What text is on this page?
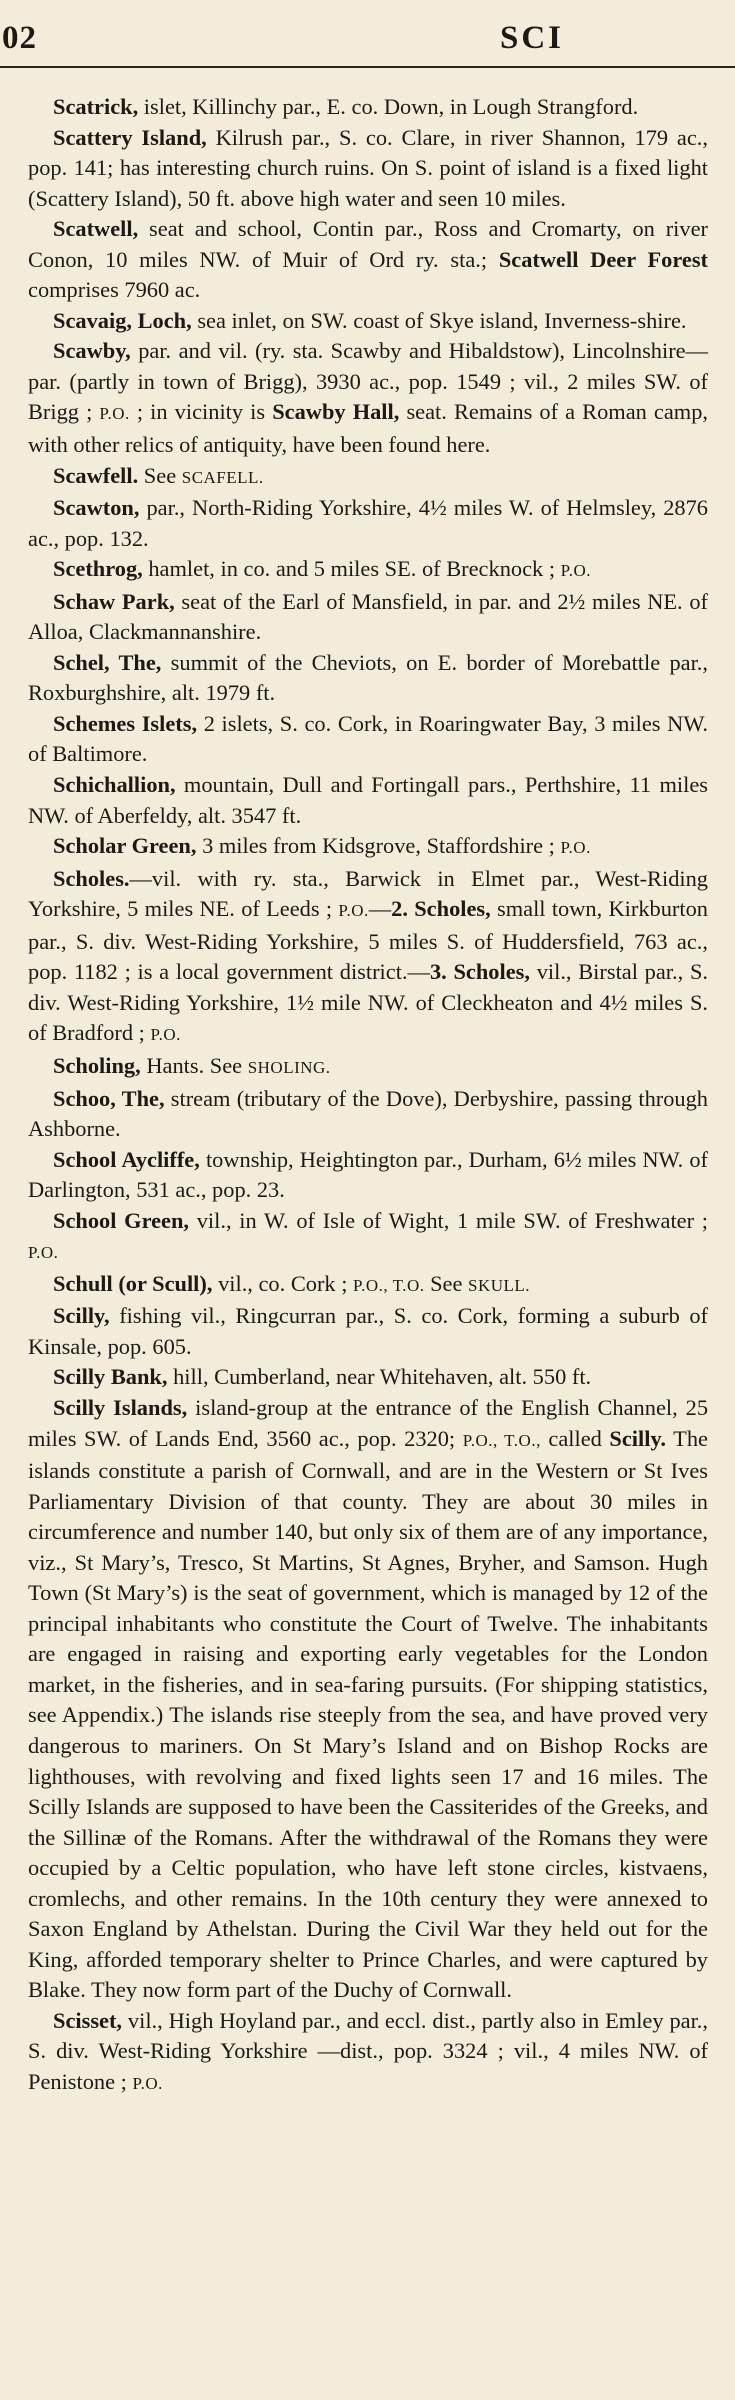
02	SCI

Scatrick, islet, Killinchy par., E. co. Down, in Lough Strangford.

Scattery Island, Kilrush par., S. co. Clare, in river Shannon, 179 ac., pop. 141; has interesting church ruins. On S. point of island is a fixed light (Scattery Island), 50 ft. above high water and seen 10 miles.

Scatwell, seat and school, Contin par., Ross and Cromarty, on river Conon, 10 miles NW. of Muir of Ord ry. sta.; Scatwell Deer Forest comprises 7960 ac.

Scavaig, Loch, sea inlet, on SW. coast of Skye island, Inverness-shire.

Scawby, par. and vil. (ry. sta. Scawby and Hibaldstow), Lincolnshire—par. (partly in town of Brigg), 3930 ac., pop. 1549 ; vil., 2 miles SW. of Brigg ; P.O. ; in vicinity is Scawby Hall, seat. Remains of a Roman camp, with other relics of antiquity, have been found here.

Scawfell. See SCAFELL.

Scawton, par., North-Riding Yorkshire, 4½ miles W. of Helmsley, 2876 ac., pop. 132.

Scethrog, hamlet, in co. and 5 miles SE. of Brecknock ; P.O.

Schaw Park, seat of the Earl of Mansfield, in par. and 2½ miles NE. of Alloa, Clackmannanshire.

Schel, The, summit of the Cheviots, on E. border of Morebattle par., Roxburghshire, alt. 1979 ft.

Schemes Islets, 2 islets, S. co. Cork, in Roaringwater Bay, 3 miles NW. of Baltimore.

Schichallion, mountain, Dull and Fortingall pars., Perthshire, 11 miles NW. of Aberfeldy, alt. 3547 ft.

Scholar Green, 3 miles from Kidsgrove, Staffordshire ; P.O.

Scholes.—vil. with ry. sta., Barwick in Elmet par., West-Riding Yorkshire, 5 miles NE. of Leeds ; P.O.—2. Scholes, small town, Kirkburton par., S. div. West-Riding Yorkshire, 5 miles S. of Huddersfield, 763 ac., pop. 1182 ; is a local government district.—3. Scholes, vil., Birstal par., S. div. West-Riding Yorkshire, 1½ mile NW. of Cleckheaton and 4½ miles S. of Bradford ; P.O.

Scholing, Hants. See SHOLING.

Schoo, The, stream (tributary of the Dove), Derbyshire, passing through Ashborne.

School Aycliffe, township, Heightington par., Durham, 6½ miles NW. of Darlington, 531 ac., pop. 23.

School Green, vil., in W. of Isle of Wight, 1 mile SW. of Freshwater ; P.O.

Schull (or Scull), vil., co. Cork ; P.O., T.O. See SKULL.

Scilly, fishing vil., Ringcurran par., S. co. Cork, forming a suburb of Kinsale, pop. 605.

Scilly Bank, hill, Cumberland, near Whitehaven, alt. 550 ft.

Scilly Islands, island-group at the entrance of the English Channel, 25 miles SW. of Lands End, 3560 ac., pop. 2320; P.O., T.O., called Scilly. The islands constitute a parish of Cornwall, and are in the Western or St Ives Parliamentary Division of that county. They are about 30 miles in circumference and number 140, but only six of them are of any importance, viz., St Mary’s, Tresco, St Martins, St Agnes, Bryher, and Samson. Hugh Town (St Mary’s) is the seat of government, which is managed by 12 of the principal inhabitants who constitute the Court of Twelve. The inhabitants are engaged in raising and exporting early vegetables for the London market, in the fisheries, and in sea-faring pursuits. (For shipping statistics, see Appendix.) The islands rise steeply from the sea, and have proved very dangerous to mariners. On St Mary’s Island and on Bishop Rocks are lighthouses, with revolving and fixed lights seen 17 and 16 miles. The Scilly Islands are supposed to have been the Cassiterides of the Greeks, and the Sillinæ of the Romans. After the withdrawal of the Romans they were occupied by a Celtic population, who have left stone circles, kistvaens, cromlechs, and other remains. In the 10th century they were annexed to Saxon England by Athelstan. During the Civil War they held out for the King, afforded temporary shelter to Prince Charles, and were captured by Blake. They now form part of the Duchy of Cornwall.

Scisset, vil., High Hoyland par., and eccl. dist., partly also in Emley par., S. div. West-Riding Yorkshire —dist., pop. 3324 ; vil., 4 miles NW. of Penistone ; P.O.
